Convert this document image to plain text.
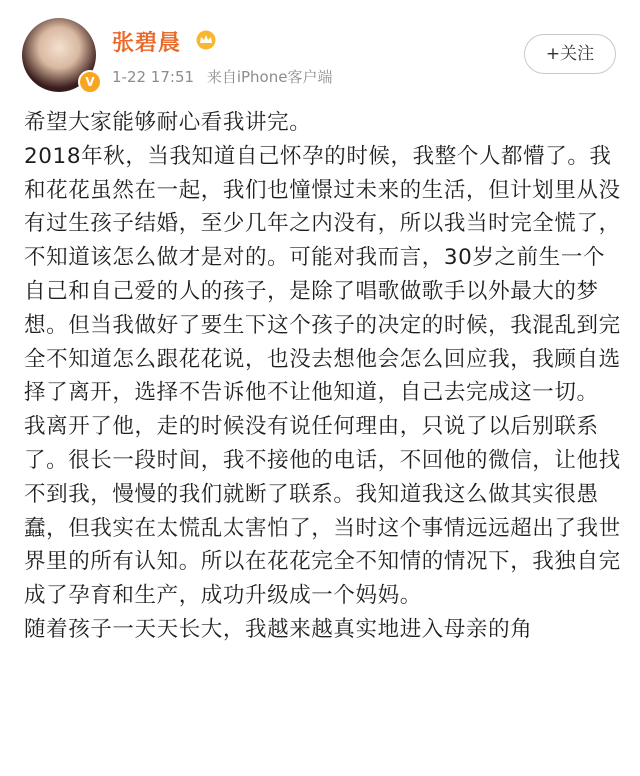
V
张碧晨
1-22 17:51 来自iPhone客户端
+关注

希望大家能够耐心看我讲完。

2018年秋，当我知道自己怀孕的时候，我整个人都懵了。我和花花虽然在一起，我们也憧憬过未来的生活，但计划里从没有过生孩子结婚，至少几年之内没有，所以我当时完全慌了，不知道该怎么做才是对的。可能对我而言，30岁之前生一个自己和自己爱的人的孩子，是除了唱歌做歌手以外最大的梦想。但当我做好了要生下这个孩子的决定的时候，我混乱到完全不知道怎么跟花花说，也没去想他会怎么回应我，我顾自选择了离开，选择不告诉他不让他知道，自己去完成这一切。

我离开了他，走的时候没有说任何理由，只说了以后别联系了。很长一段时间，我不接他的电话，不回他的微信，让他找不到我，慢慢的我们就断了联系。我知道我这么做其实很愚蠢，但我实在太慌乱太害怕了，当时这个事情远远超出了我世界里的所有认知。所以在花花完全不知情的情况下，我独自完成了孕育和生产，成功升级成一个妈妈。

随着孩子一天天长大，我越来越真实地进入母亲的角
